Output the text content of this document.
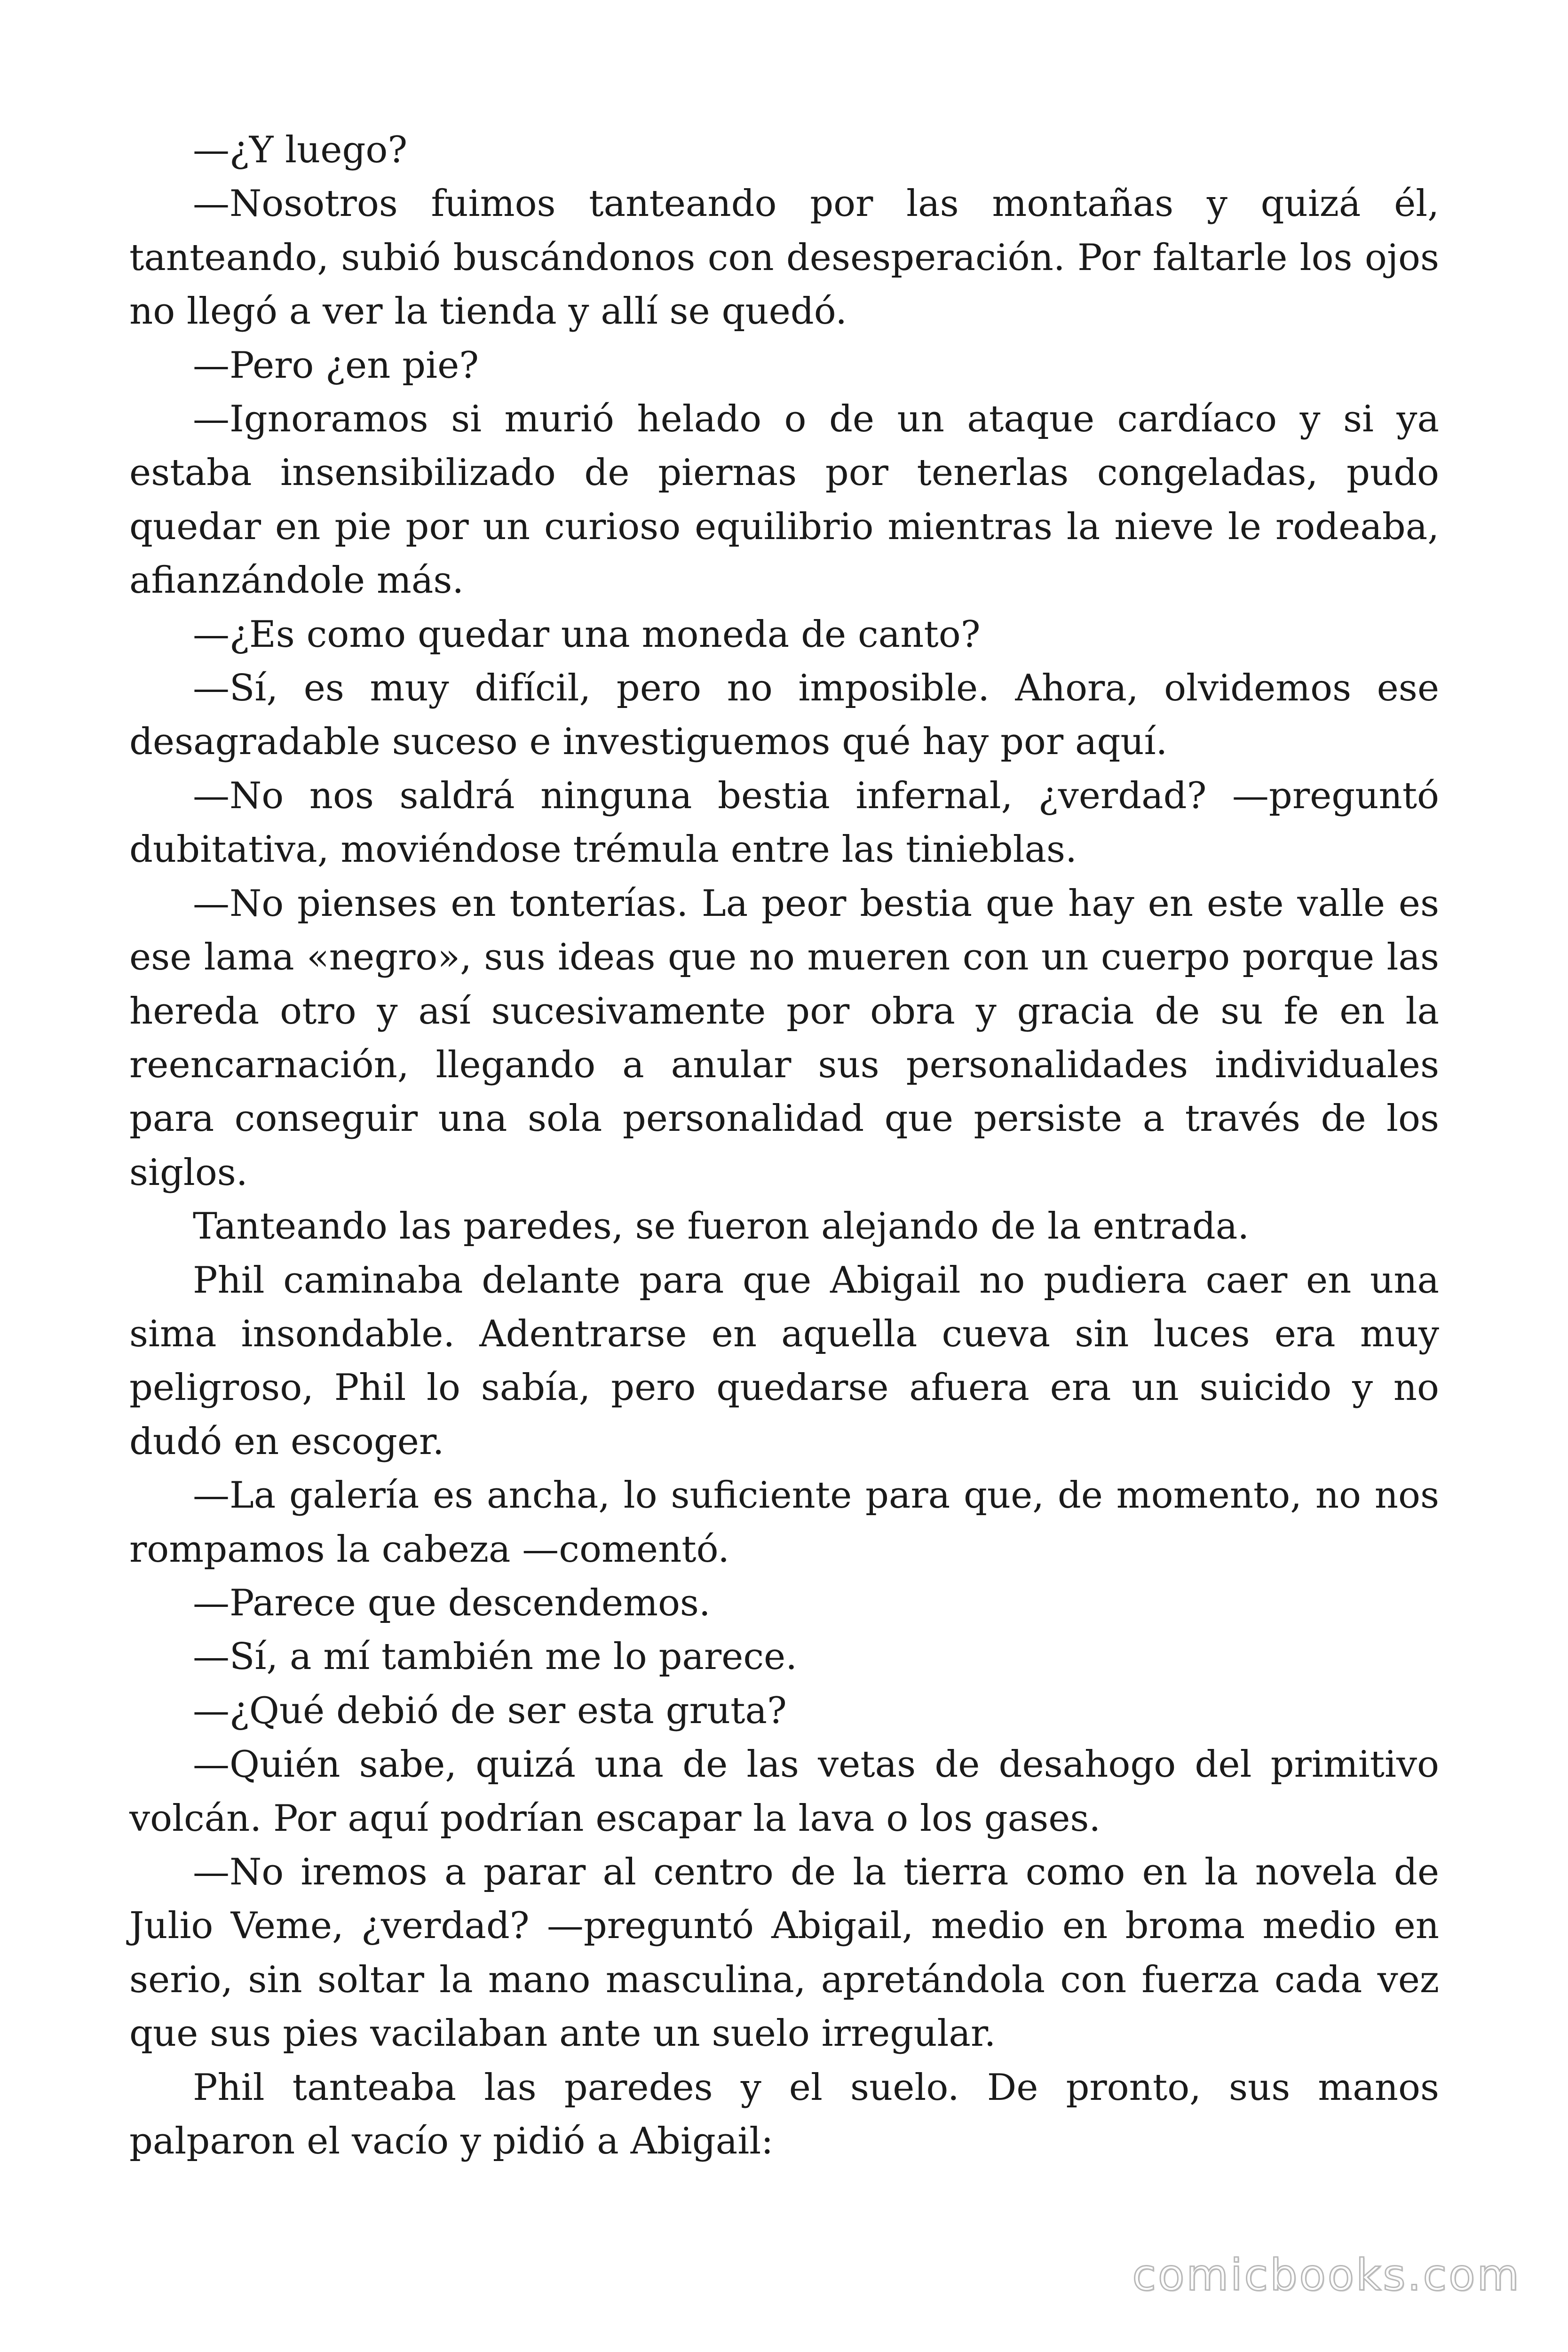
—¿Y luego?

—Nosotros fuimos tanteando por las montañas y quizá él, tanteando, subió buscándonos con desesperación. Por faltarle los ojos no llegó a ver la tienda y allí se quedó.

—Pero ¿en pie?

—Ignoramos si murió helado o de un ataque cardíaco y si ya estaba insensibilizado de piernas por tenerlas congeladas, pudo quedar en pie por un curioso equilibrio mientras la nieve le rodeaba, afianzándole más.

—¿Es como quedar una moneda de canto?

—Sí, es muy difícil, pero no imposible. Ahora, olvidemos ese desagradable suceso e investiguemos qué hay por aquí.

—No nos saldrá ninguna bestia infernal, ¿verdad? —preguntó dubitativa, moviéndose trémula entre las tinieblas.

—No pienses en tonterías. La peor bestia que hay en este valle es ese lama «negro», sus ideas que no mueren con un cuerpo porque las hereda otro y así sucesivamente por obra y gracia de su fe en la reencarnación, llegando a anular sus personalidades individuales para conseguir una sola personalidad que persiste a través de los siglos.

Tanteando las paredes, se fueron alejando de la entrada.

Phil caminaba delante para que Abigail no pudiera caer en una sima insondable. Adentrarse en aquella cueva sin luces era muy peligroso, Phil lo sabía, pero quedarse afuera era un suicido y no dudó en escoger.

—La galería es ancha, lo suficiente para que, de momento, no nos rompamos la cabeza —comentó.

—Parece que descendemos.

—Sí, a mí también me lo parece.

—¿Qué debió de ser esta gruta?

—Quién sabe, quizá una de las vetas de desahogo del primitivo volcán. Por aquí podrían escapar la lava o los gases.

—No iremos a parar al centro de la tierra como en la novela de Julio Veme, ¿verdad? —preguntó Abigail, medio en broma medio en serio, sin soltar la mano masculina, apretándola con fuerza cada vez que sus pies vacilaban ante un suelo irregular.

Phil tanteaba las paredes y el suelo. De pronto, sus manos palparon el vacío y pidió a Abigail:

comicbooks.com
